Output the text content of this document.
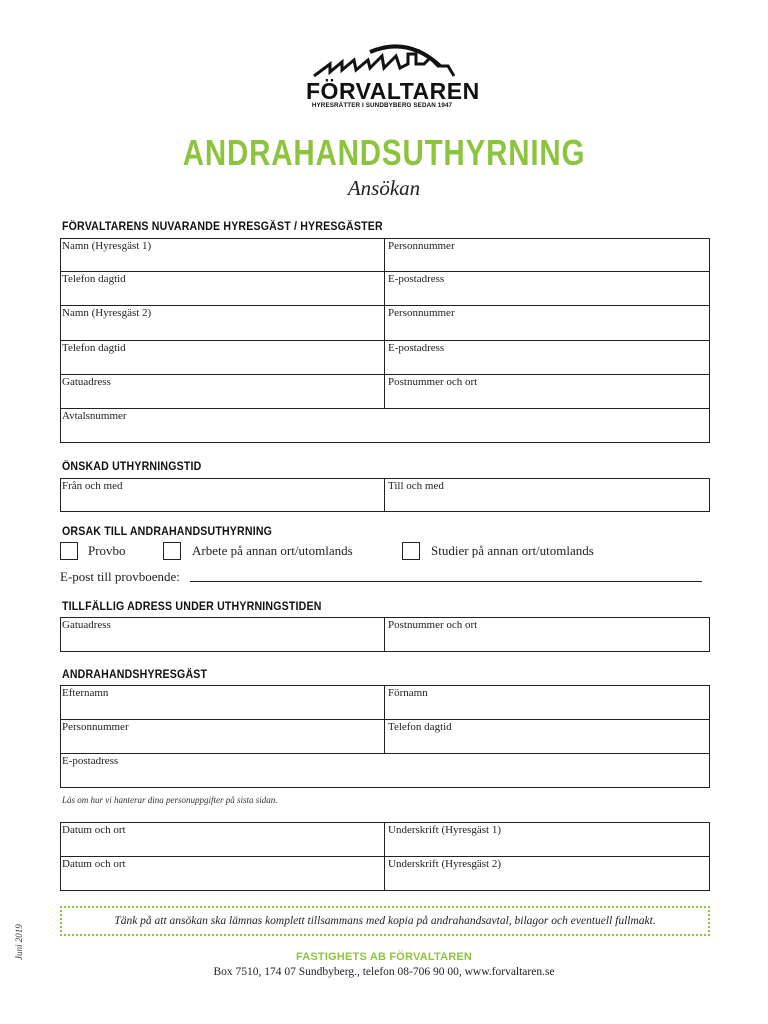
FÖRVALTAREN
HYRESRÄTTER I SUNDBYBERG SEDAN 1947
ANDRAHANDSUTHYRNING
Ansökan
FÖRVALTARENS NUVARANDE HYRESGÄST / HYRESGÄSTER
Namn (Hyresgäst 1)	Personnummer
Telefon dagtid	E-postadress
Namn (Hyresgäst 2)	Personnummer
Telefon dagtid	E-postadress
Gatuadress	Postnummer och ort
Avtalsnummer
ÖNSKAD UTHYRNINGSTID
Från och med	Till och med
ORSAK TILL ANDRAHANDSUTHYRNING
Provbo	Arbete på annan ort/utomlands	Studier på annan ort/utomlands
E-post till provboende:
TILLFÄLLIG ADRESS UNDER UTHYRNINGSTIDEN
Gatuadress	Postnummer och ort
ANDRAHANDSHYRESGÄST
Efternamn	Förnamn
Personnummer	Telefon dagtid
E-postadress
Läs om hur vi hanterar dina personuppgifter på sista sidan.
Datum och ort	Underskrift (Hyresgäst 1)
Datum och ort	Underskrift (Hyresgäst 2)
Tänk på att ansökan ska lämnas komplett tillsammans med kopia på andrahandsavtal, bilagor och eventuell fullmakt.
FASTIGHETS AB FÖRVALTAREN
Box 7510, 174 07 Sundbyberg., telefon 08-706 90 00, www.forvaltaren.se
Juni 2019
